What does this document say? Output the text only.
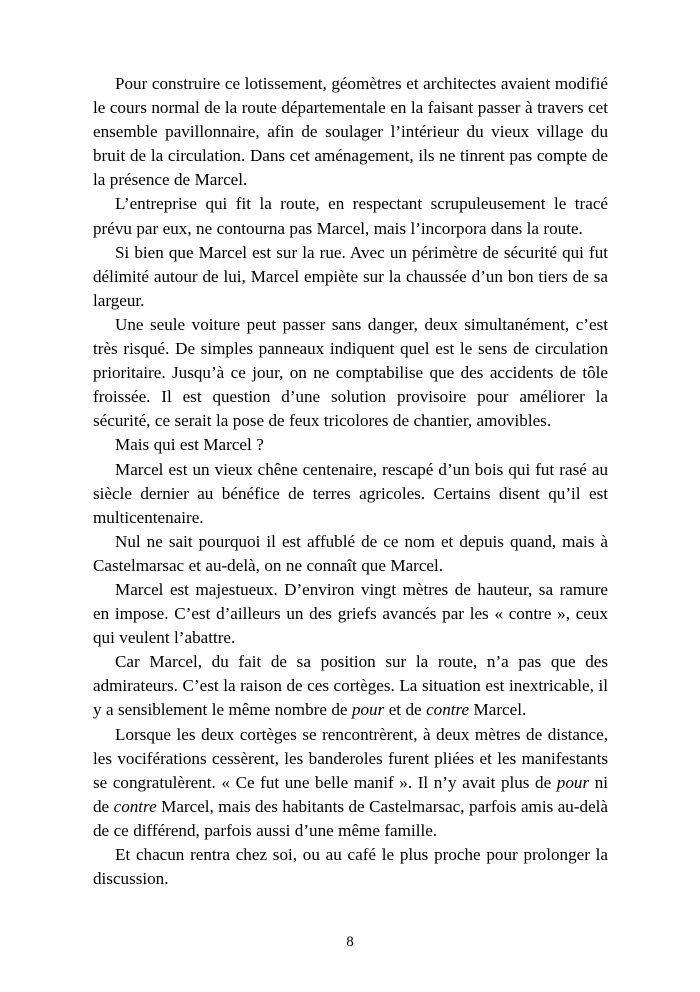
Pour construire ce lotissement, géomètres et architectes avaient modifié le cours normal de la route départementale en la faisant passer à travers cet ensemble pavillonnaire, afin de soulager l’intérieur du vieux village du bruit de la circulation. Dans cet aménagement, ils ne tinrent pas compte de la présence de Marcel.

L’entreprise qui fit la route, en respectant scrupuleusement le tracé prévu par eux, ne contourna pas Marcel, mais l’incorpora dans la route.

Si bien que Marcel est sur la rue. Avec un périmètre de sécurité qui fut délimité autour de lui, Marcel empiète sur la chaussée d’un bon tiers de sa largeur.

Une seule voiture peut passer sans danger, deux simultanément, c’est très risqué. De simples panneaux indiquent quel est le sens de circulation prioritaire. Jusqu’à ce jour, on ne comptabilise que des accidents de tôle froissée. Il est question d’une solution provisoire pour améliorer la sécurité, ce serait la pose de feux tricolores de chantier, amovibles.

Mais qui est Marcel ?

Marcel est un vieux chêne centenaire, rescapé d’un bois qui fut rasé au siècle dernier au bénéfice de terres agricoles. Certains disent qu’il est multicentenaire.

Nul ne sait pourquoi il est affublé de ce nom et depuis quand, mais à Castelmarsac et au-delà, on ne connaît que Marcel.

Marcel est majestueux. D’environ vingt mètres de hauteur, sa ramure en impose. C’est d’ailleurs un des griefs avancés par les « contre », ceux qui veulent l’abattre.

Car Marcel, du fait de sa position sur la route, n’a pas que des admirateurs. C’est la raison de ces cortèges. La situation est inextricable, il y a sensiblement le même nombre de pour et de contre Marcel.

Lorsque les deux cortèges se rencontrèrent, à deux mètres de distance, les vociférations cessèrent, les banderoles furent pliées et les manifestants se congratulèrent. « Ce fut une belle manif ». Il n’y avait plus de pour ni de contre Marcel, mais des habitants de Castelmarsac, parfois amis au-delà de ce différend, parfois aussi d’une même famille.

Et chacun rentra chez soi, ou au café le plus proche pour prolonger la discussion.

8
